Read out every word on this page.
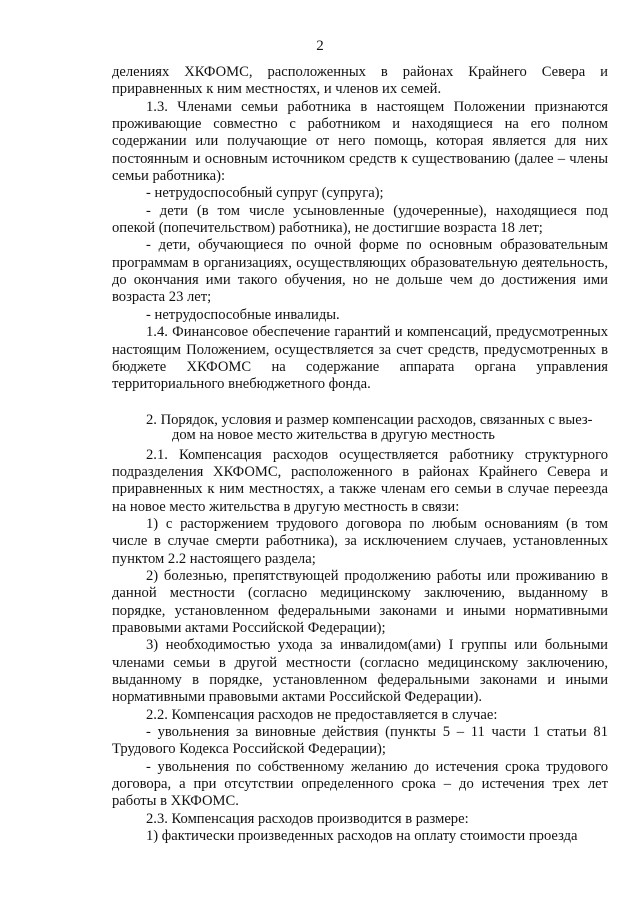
2

делениях ХКФОМС, расположенных в районах Крайнего Севера и приравненных к ним местностях, и членов их семей.

1.3. Членами семьи работника в настоящем Положении признаются проживающие совместно с работником и находящиеся на его полном содержании или получающие от него помощь, которая является для них постоянным и основным источником средств к существованию (далее – члены семьи работника):

- нетрудоспособный супруг (супруга);

- дети (в том числе усыновленные (удочеренные), находящиеся под опекой (попечительством) работника), не достигшие возраста 18 лет;

- дети, обучающиеся по очной форме по основным образовательным программам в организациях, осуществляющих образовательную деятельность, до окончания ими такого обучения, но не дольше чем до достижения ими возраста 23 лет;

- нетрудоспособные инвалиды.

1.4. Финансовое обеспечение гарантий и компенсаций, предусмотренных настоящим Положением, осуществляется за счет средств, предусмотренных в бюджете ХКФОМС на содержание аппарата органа управления территориального внебюджетного фонда.

2. Порядок, условия и размер компенсации расходов, связанных с выез-
дом на новое место жительства в другую местность

2.1. Компенсация расходов осуществляется работнику структурного подразделения ХКФОМС, расположенного в районах Крайнего Севера и приравненных к ним местностях, а также членам его семьи в случае переезда на новое место жительства в другую местность в связи:

1) с расторжением трудового договора по любым основаниям (в том числе в случае смерти работника), за исключением случаев, установленных пунктом 2.2 настоящего раздела;

2) болезнью, препятствующей продолжению работы или проживанию в данной местности (согласно медицинскому заключению, выданному в порядке, установленном федеральными законами и иными нормативными правовыми актами Российской Федерации);

3) необходимостью ухода за инвалидом(ами) I группы или больными членами семьи в другой местности (согласно медицинскому заключению, выданному в порядке, установленном федеральными законами и иными нормативными правовыми актами Российской Федерации).

2.2. Компенсация расходов не предоставляется в случае:

- увольнения за виновные действия (пункты 5 – 11 части 1 статьи 81 Трудового Кодекса Российской Федерации);

- увольнения по собственному желанию до истечения срока трудового договора, а при отсутствии определенного срока – до истечения трех лет работы в ХКФОМС.

2.3. Компенсация расходов производится в размере:

1) фактически произведенных расходов на оплату стоимости проезда
